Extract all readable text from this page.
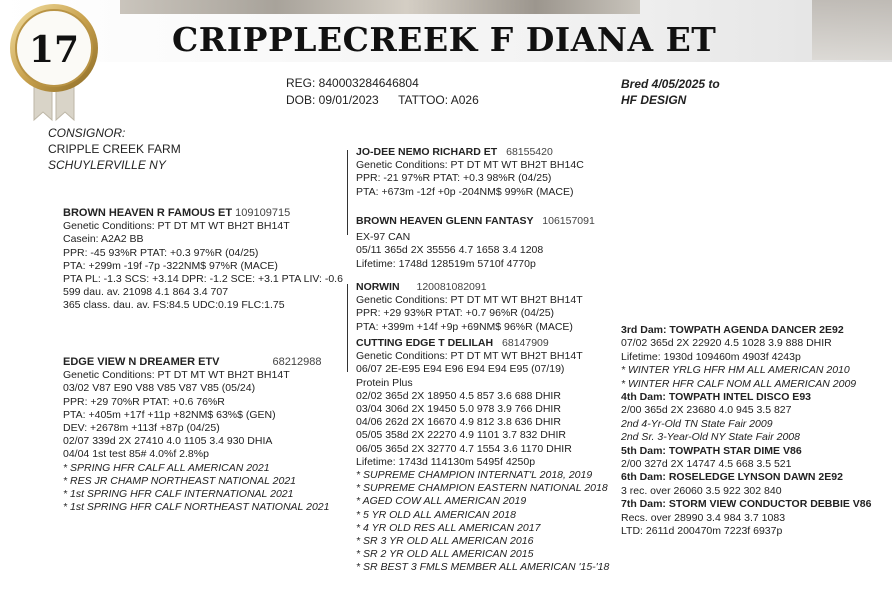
17	CRIPPLECREEK F DIANA ET
REG: 840003284646804
DOB: 09/01/2023 TATTOO: A026
Bred 4/05/2025 to
HF DESIGN
CONSIGNOR:
CRIPPLE CREEK FARM
SCHUYLERVILLE NY
BROWN HEAVEN R FAMOUS ET 109109715
Genetic Conditions: PT DT MT WT BH2T BH14T
Casein: A2A2 BB
PPR: -45 93%R PTAT: +0.3 97%R (04/25)
PTA: +299m -19f -7p -322NM$ 97%R (MACE)
PTA PL: -1.3 SCS: +3.14 DPR: -1.2 SCE: +3.1 PTA LIV: -0.6
599 dau. av. 21098 4.1 864 3.4 707
365 class. dau. av. FS:84.5 UDC:0.19 FLC:1.75
EDGE VIEW N DREAMER ETV	68212988
Genetic Conditions: PT DT MT WT BH2T BH14T
03/02 V87 E90 V88 V85 V87 V85 (05/24)
PPR: +29 70%R PTAT: +0.6 76%R
PTA: +405m +17f +11p +82NM$ 63%$ (GEN)
DEV: +2678m +113f +87p (04/25)
02/07 339d 2X 27410 4.0 1105 3.4 930 DHIA
04/04 1st test 85# 4.0%f 2.8%p
* SPRING HFR CALF ALL AMERICAN 2021
* RES JR CHAMP NORTHEAST NATIONAL 2021
* 1st SPRING HFR CALF INTERNATIONAL 2021
* 1st SPRING HFR CALF NORTHEAST NATIONAL 2021
JO-DEE NEMO RICHARD ET 68155420
Genetic Conditions: PT DT MT WT BH2T BH14C
PPR: -21 97%R PTAT: +0.3 98%R (04/25)
PTA: +673m -12f +0p -204NM$ 99%R (MACE)
BROWN HEAVEN GLENN FANTASY 106157091
EX-97 CAN
05/11 365d 2X 35556 4.7 1658 3.4 1208
Lifetime: 1748d 128519m 5710f 4770p
NORWIN 120081082091
Genetic Conditions: PT DT MT WT BH2T BH14T
PPR: +29 93%R PTAT: +0.7 96%R (04/25)
PTA: +399m +14f +9p +69NM$ 96%R (MACE)
CUTTING EDGE T DELILAH 68147909
Genetic Conditions: PT DT MT WT BH2T BH14T
06/07 2E-E95 E94 E96 E94 E94 E95 (07/19)
Protein Plus
02/02 365d 2X 18950 4.5 857 3.6 688 DHIR
03/04 306d 2X 19450 5.0 978 3.9 766 DHIR
04/06 262d 2X 16670 4.9 812 3.8 636 DHIR
05/05 358d 2X 22270 4.9 1101 3.7 832 DHIR
06/05 365d 2X 32770 4.7 1554 3.6 1170 DHIR
Lifetime: 1743d 114130m 5495f 4250p
* SUPREME CHAMPION INTERNAT'L 2018, 2019
* SUPREME CHAMPION EASTERN NATIONAL 2018
* AGED COW ALL AMERICAN 2019
* 5 YR OLD ALL AMERICAN 2018
* 4 YR OLD RES ALL AMERICAN 2017
* SR 3 YR OLD ALL AMERICAN 2016
* SR 2 YR OLD ALL AMERICAN 2015
* SR BEST 3 FMLS MEMBER ALL AMERICAN '15-'18
3rd Dam: TOWPATH AGENDA DANCER 2E92
07/02 365d 2X 22920 4.5 1028 3.9 888 DHIR
Lifetime: 1930d 109460m 4903f 4243p
* WINTER YRLG HFR HM ALL AMERICAN 2010
* WINTER HFR CALF NOM ALL AMERICAN 2009
4th Dam: TOWPATH INTEL DISCO E93
2/00 365d 2X 23680 4.0 945 3.5 827
2nd 4-Yr-Old TN State Fair 2009
2nd Sr. 3-Year-Old NY State Fair 2008
5th Dam: TOWPATH STAR DIME V86
2/00 327d 2X 14747 4.5 668 3.5 521
6th Dam: ROSELEDGE LYNSON DAWN 2E92
3 rec. over 26060 3.5 922 302 840
7th Dam: STORM VIEW CONDUCTOR DEBBIE V86
Recs. over 28990 3.4 984 3.7 1083
LTD: 2611d 200470m 7223f 6937p
